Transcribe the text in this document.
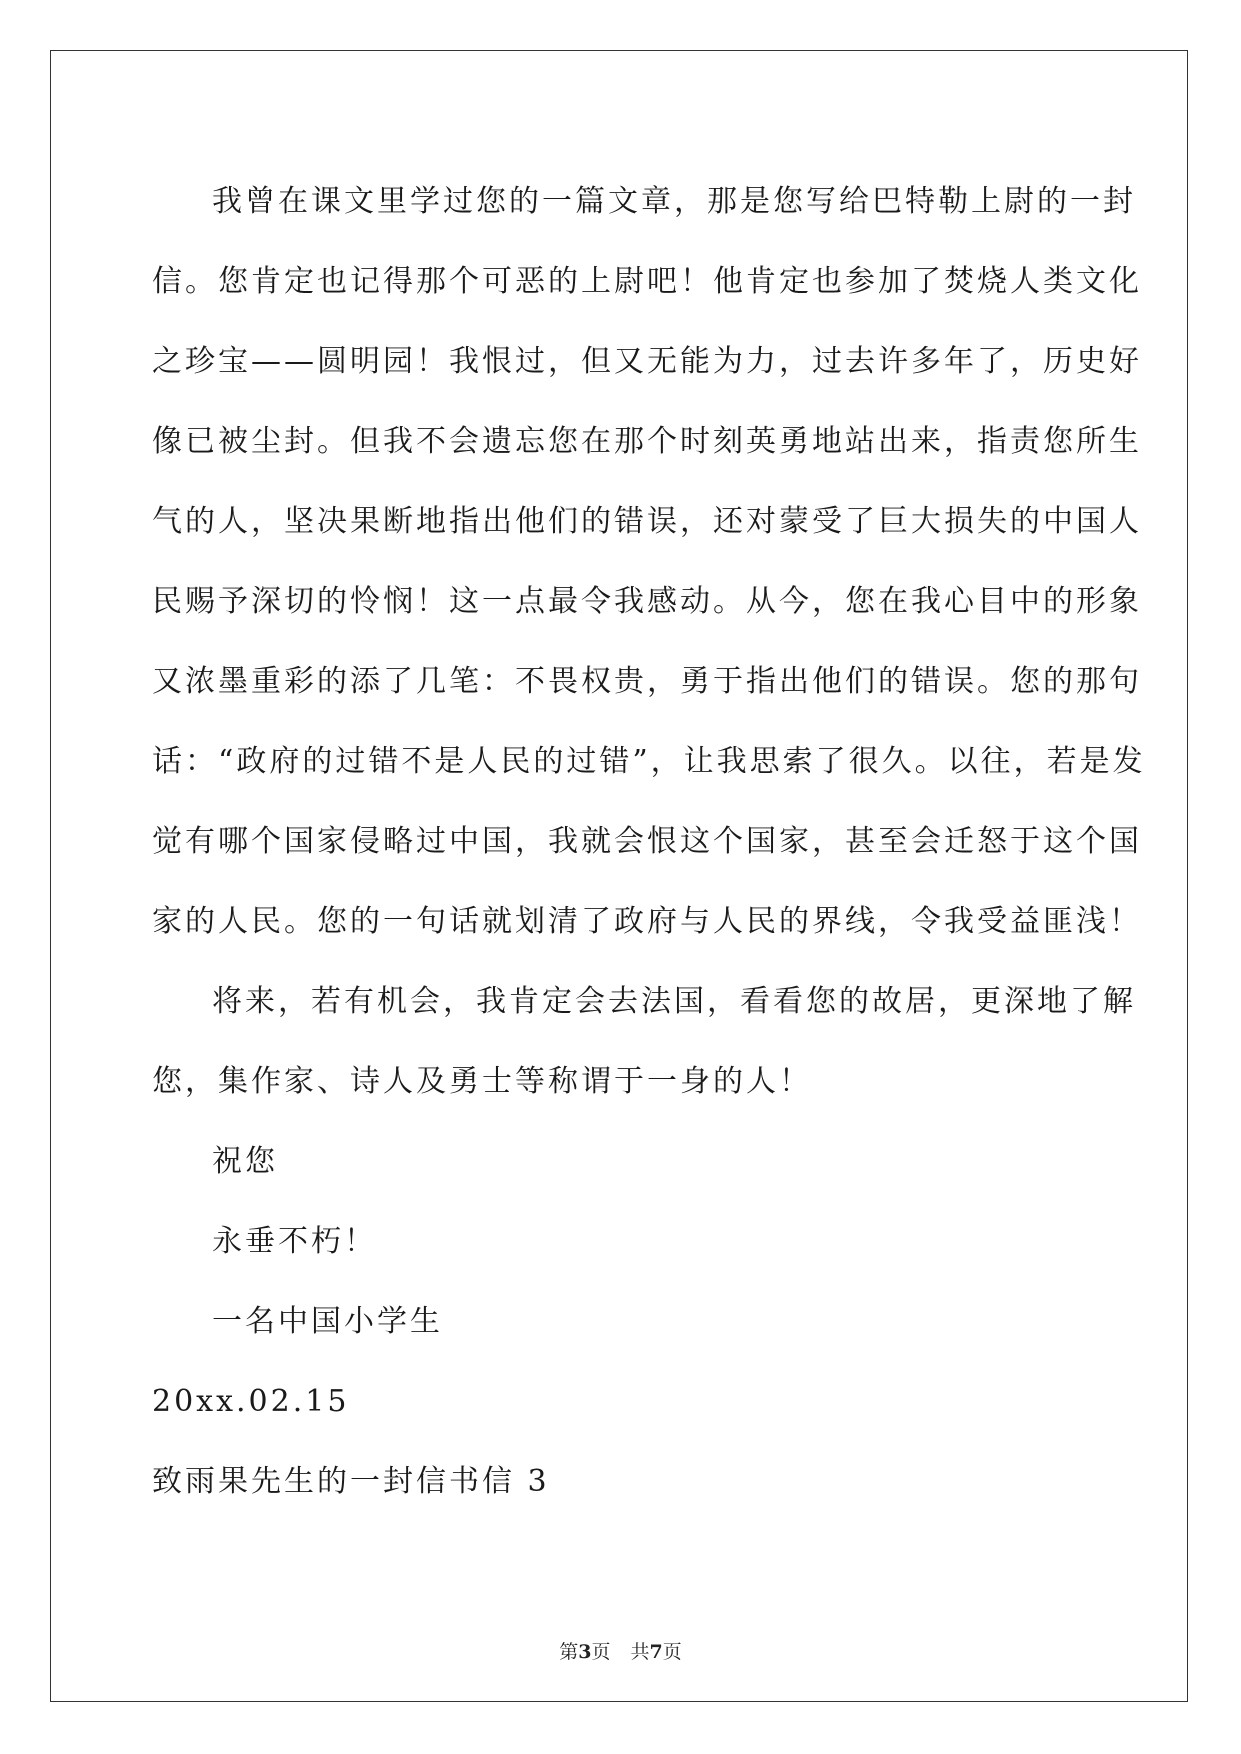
我曾在课文里学过您的一篇文章，那是您写给巴特勒上尉的一封
信。您肯定也记得那个可恶的上尉吧！他肯定也参加了焚烧人类文化
之珍宝——圆明园！我恨过，但又无能为力，过去许多年了，历史好
像已被尘封。但我不会遗忘您在那个时刻英勇地站出来，指责您所生
气的人，坚决果断地指出他们的错误，还对蒙受了巨大损失的中国人
民赐予深切的怜悯！这一点最令我感动。从今，您在我心目中的形象
又浓墨重彩的添了几笔：不畏权贵，勇于指出他们的错误。您的那句
话：“政府的过错不是人民的过错”，让我思索了很久。以往，若是发
觉有哪个国家侵略过中国，我就会恨这个国家，甚至会迁怒于这个国
家的人民。您的一句话就划清了政府与人民的界线，令我受益匪浅！

将来，若有机会，我肯定会去法国，看看您的故居，更深地了解
您，集作家、诗人及勇士等称谓于一身的人！

祝您

永垂不朽！

一名中国小学生

20xx.02.15

致雨果先生的一封信书信 3

第3页 共7页
